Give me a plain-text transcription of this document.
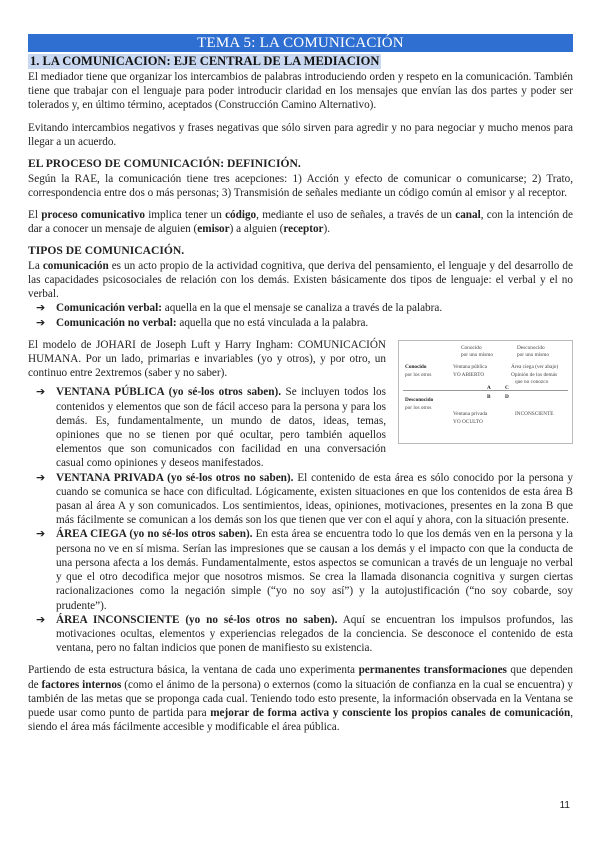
TEMA 5: LA COMUNICACIÓN
1. LA COMUNICACION: EJE CENTRAL DE LA MEDIACION

El mediador tiene que organizar los intercambios de palabras introduciendo orden y respeto en la comunicación. También tiene que trabajar con el lenguaje para poder introducir claridad en los mensajes que envían las dos partes y poder ser tolerados y, en último término, aceptados (Construcción Camino Alternativo).

Evitando intercambios negativos y frases negativas que sólo sirven para agredir y no para negociar y mucho menos para llegar a un acuerdo.

EL PROCESO DE COMUNICACIÓN: DEFINICIÓN.

Según la RAE, la comunicación tiene tres acepciones: 1) Acción y efecto de comunicar o comunicarse; 2) Trato, correspondencia entre dos o más personas; 3) Transmisión de señales mediante un código común al emisor y al receptor.

El proceso comunicativo implica tener un código, mediante el uso de señales, a través de un canal, con la intención de dar a conocer un mensaje de alguien (emisor) a alguien (receptor).

TIPOS DE COMUNICACIÓN.

La comunicación es un acto propio de la actividad cognitiva, que deriva del pensamiento, el lenguaje y del desarrollo de las capacidades psicosociales de relación con los demás. Existen básicamente dos tipos de lenguaje: el verbal y el no verbal.

➔ Comunicación verbal: aquella en la que el mensaje se canaliza a través de la palabra.
➔ Comunicación no verbal: aquella que no está vinculada a la palabra.
Conocido
por uno mismo
Desconocido
por uno mismo
Conocido
por los otros
Ventana pública
YO ABIERTO
Área ciega (ver abajo)
Opinión de los demás
que no conozco
A	C
B	D
Desconocido
por los otros
Ventana privada
YO OCULTO
INCONSCIENTE

El modelo de JOHARI de Joseph Luft y Harry Ingham: COMUNICACIÓN HUMANA. Por un lado, primarias e invariables (yo y otros), y por otro, un continuo entre 2extremos (saber y no saber).

➔ VENTANA PÚBLICA (yo sé-los otros saben). Se incluyen todos los contenidos y elementos que son de fácil acceso para la persona y para los demás. Es, fundamentalmente, un mundo de datos, ideas, temas, opiniones que no se tienen por qué ocultar, pero también aquellos elementos que son comunicados con facilidad en una conversación casual como opiniones y deseos manifestados.
➔ VENTANA PRIVADA (yo sé-los otros no saben). El contenido de esta área es sólo conocido por la persona y cuando se comunica se hace con dificultad. Lógicamente, existen situaciones en que los contenidos de esta área B pasan al área A y son comunicados. Los sentimientos, ideas, opiniones, motivaciones, presentes en la zona B que más fácilmente se comunican a los demás son los que tienen que ver con el aquí y ahora, con la situación presente.
➔ ÁREA CIEGA (yo no sé-los otros saben). En esta área se encuentra todo lo que los demás ven en la persona y la persona no ve en sí misma. Serían las impresiones que se causan a los demás y el impacto con que la conducta de una persona afecta a los demás. Fundamentalmente, estos aspectos se comunican a través de un lenguaje no verbal y que el otro decodifica mejor que nosotros mismos. Se crea la llamada disonancia cognitiva y surgen ciertas racionalizaciones como la negación simple (“yo no soy así”) y la autojustificación (“no soy cobarde, soy prudente”).
➔ ÁREA INCONSCIENTE (yo no sé-los otros no saben). Aquí se encuentran los impulsos profundos, las motivaciones ocultas, elementos y experiencias relegados de la conciencia. Se desconoce el contenido de esta ventana, pero no faltan indicios que ponen de manifiesto su existencia.

Partiendo de esta estructura básica, la ventana de cada uno experimenta permanentes transformaciones que dependen de factores internos (como el ánimo de la persona) o externos (como la situación de confianza en la cual se encuentra) y también de las metas que se proponga cada cual. Teniendo todo esto presente, la información observada en la Ventana se puede usar como punto de partida para mejorar de forma activa y consciente los propios canales de comunicación, siendo el área más fácilmente accesible y modificable el área pública.

11
